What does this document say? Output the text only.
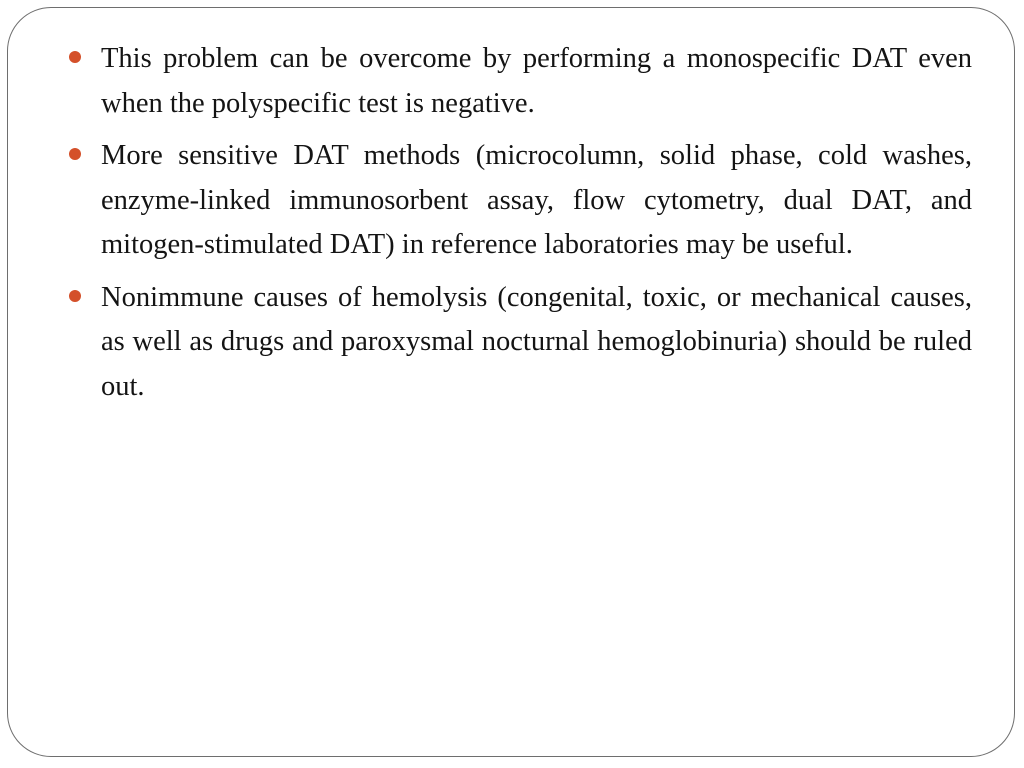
This problem can be overcome by performing a monospecific DAT even when the polyspecific test is negative.
More sensitive DAT methods (microcolumn, solid phase, cold washes, enzyme-linked immunosorbent assay, flow cytometry, dual DAT, and mitogen-stimulated DAT) in reference laboratories may be useful.
Nonimmune causes of hemolysis (congenital, toxic, or mechanical causes, as well as drugs and paroxysmal nocturnal hemoglobinuria) should be ruled out.
